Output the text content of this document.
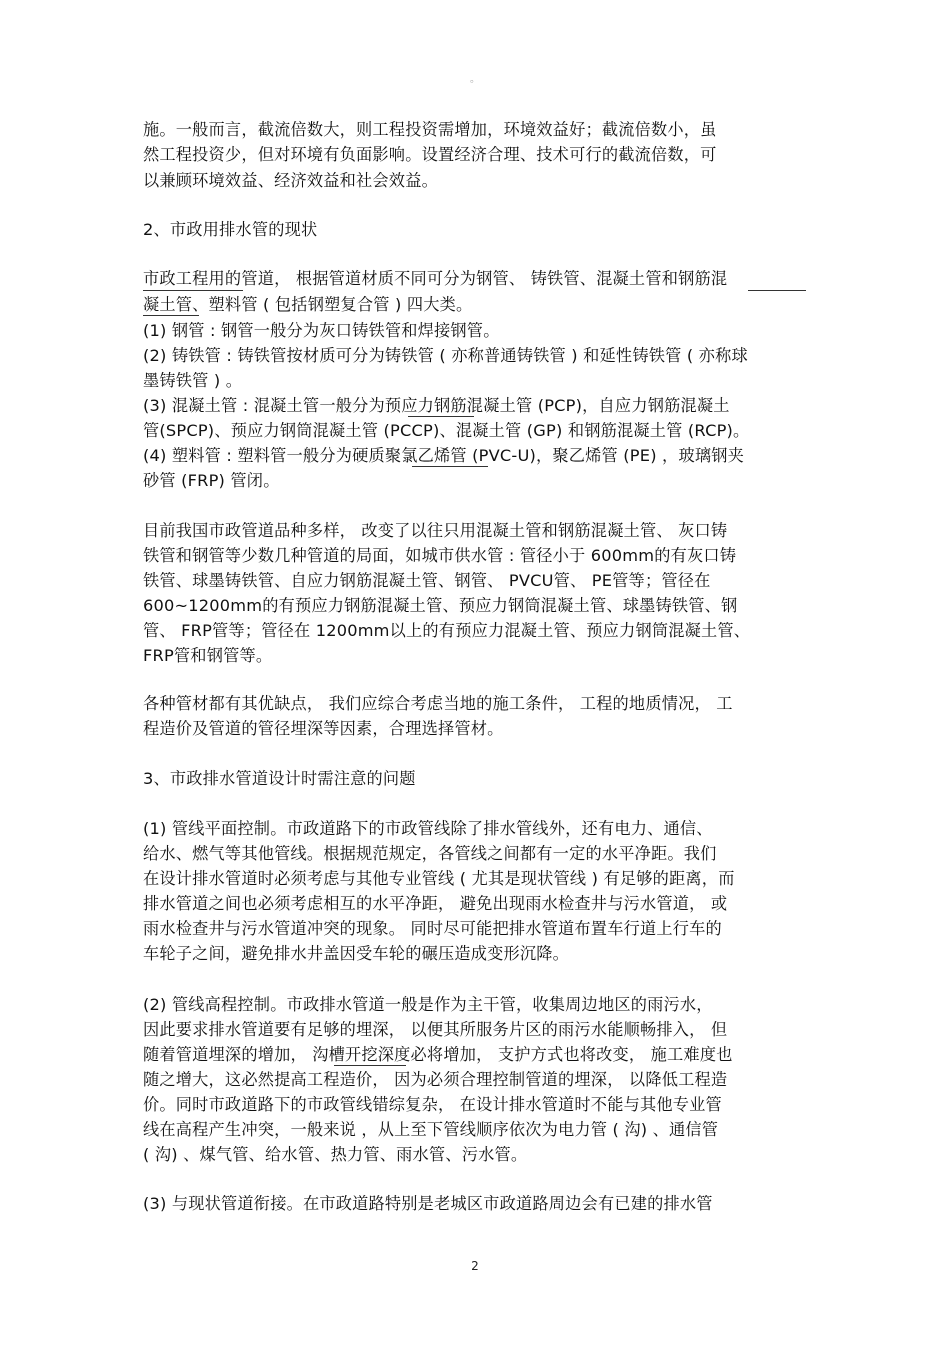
。
施。一般而言，截流倍数大，则工程投资需增加，环境效益好；截流倍数小，虽
然工程投资少，但对环境有负面影响。设置经济合理、技术可行的截流倍数，可
以兼顾环境效益、经济效益和社会效益。
2、市政用排水管的现状
市政工程用的管道， 根据管道材质不同可分为钢管、 铸铁管、混凝土管和钢筋混
凝土管、塑料管 ( 包括钢塑复合管 ) 四大类。
(1) 钢管 : 钢管一般分为灰口铸铁管和焊接钢管。
(2) 铸铁管 : 铸铁管按材质可分为铸铁管 ( 亦称普通铸铁管 ) 和延性铸铁管 ( 亦称球
墨铸铁管 ) 。
(3) 混凝土管 : 混凝土管一般分为预应力钢筋混凝土管 (PCP)，自应力钢筋混凝土
管(SPCP)、预应力钢筒混凝土管 (PCCP)、混凝土管 (GP) 和钢筋混凝土管 (RCP)。
(4) 塑料管 : 塑料管一般分为硬质聚氯乙烯管 (PVC-U)，聚乙烯管 (PE) ，玻璃钢夹
砂管 (FRP) 管闭。
目前我国市政管道品种多样， 改变了以往只用混凝土管和钢筋混凝土管、 灰口铸
铁管和钢管等少数几种管道的局面，如城市供水管 : 管径小于 600mm的有灰口铸
铁管、球墨铸铁管、自应力钢筋混凝土管、钢管、 PVCU管、 PE管等；管径在
600~1200mm的有预应力钢筋混凝土管、预应力钢筒混凝土管、球墨铸铁管、钢
管、 FRP管等；管径在 1200mm以上的有预应力混凝土管、预应力钢筒混凝土管、
FRP管和钢管等。
各种管材都有其优缺点， 我们应综合考虑当地的施工条件， 工程的地质情况， 工
程造价及管道的管径埋深等因素，合理选择管材。
3、市政排水管道设计时需注意的问题
(1) 管线平面控制。市政道路下的市政管线除了排水管线外，还有电力、通信、
给水、燃气等其他管线。根据规范规定，各管线之间都有一定的水平净距。我们
在设计排水管道时必须考虑与其他专业管线 ( 尤其是现状管线 ) 有足够的距离，而
排水管道之间也必须考虑相互的水平净距， 避免出现雨水检查井与污水管道， 或
雨水检查井与污水管道冲突的现象。 同时尽可能把排水管道布置车行道上行车的
车轮子之间，避免排水井盖因受车轮的碾压造成变形沉降。
(2) 管线高程控制。市政排水管道一般是作为主干管，收集周边地区的雨污水，
因此要求排水管道要有足够的埋深， 以便其所服务片区的雨污水能顺畅排入， 但
随着管道埋深的增加， 沟槽开挖深度必将增加， 支护方式也将改变， 施工难度也
随之增大，这必然提高工程造价， 因为必须合理控制管道的埋深， 以降低工程造
价。同时市政道路下的市政管线错综复杂， 在设计排水管道时不能与其他专业管
线在高程产生冲突，一般来说 ，从上至下管线顺序依次为电力管 ( 沟) 、通信管
( 沟) 、煤气管、给水管、热力管、雨水管、污水管。
(3) 与现状管道衔接。在市政道路特别是老城区市政道路周边会有已建的排水管
2
